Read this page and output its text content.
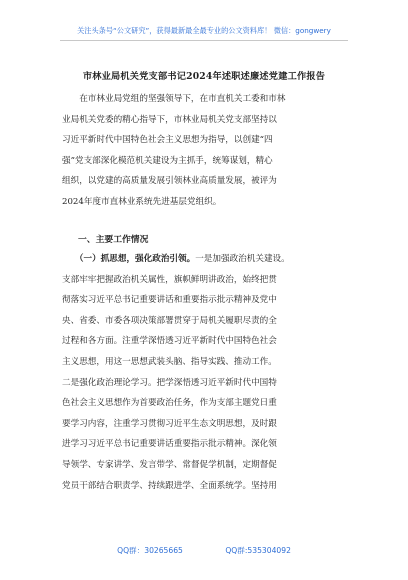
关注头条号“公文研究”，获得最新最全最专业的公文资料库！ 微信：gongwery
市林业局机关党支部书记2024年述职述廉述党建工作报告
　　在市林业局党组的坚强领导下，在市直机关工委和市林
业局机关党委的精心指导下，市林业局机关党支部坚持以
习近平新时代中国特色社会主义思想为指导，以创建“四
强”党支部深化模范机关建设为主抓手，统筹谋划，精心
组织，以党建的高质量发展引领林业高质量发展，被评为
2024年度市直林业系统先进基层党组织。
一、主要工作情况
　　（一）抓思想，强化政治引领。一是加强政治机关建设。
支部牢牢把握政治机关属性，旗帜鲜明讲政治，始终把贯
彻落实习近平总书记重要讲话和重要指示批示精神及党中
央、省委、市委各项决策部署贯穿于局机关履职尽责的全
过程和各方面。注重学深悟透习近平新时代中国特色社会
主义思想，用这一思想武装头脑、指导实践、推动工作。
二是强化政治理论学习。把学深悟透习近平新时代中国特
色社会主义思想作为首要政治任务，作为支部主题党日重
要学习内容，注重学习贯彻习近平生态文明思想，及时跟
进学习习近平总书记重要讲话重要指示批示精神。深化领
导领学、专家讲学、发言带学、常督促学机制，定期督促
党员干部结合职责学、持续跟进学、全面系统学。坚持用
QQ群：30265665	QQ群:535304092
